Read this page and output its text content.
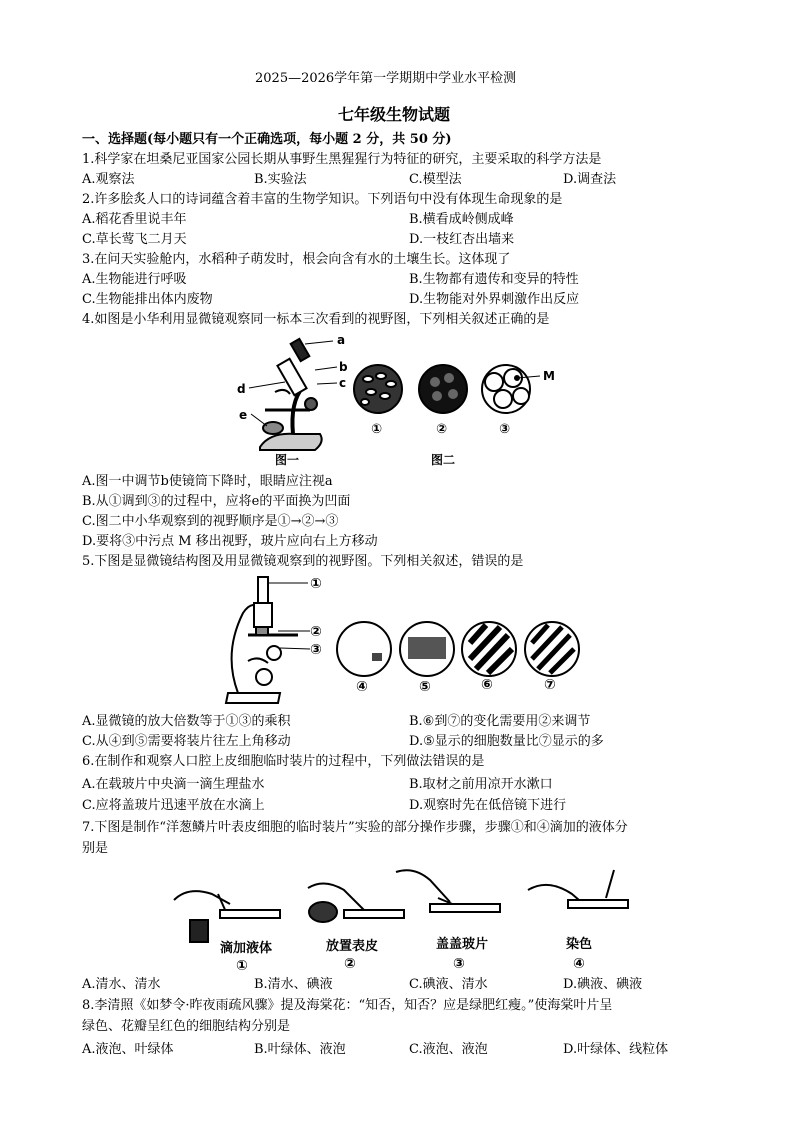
2025—2026学年第一学期期中学业水平检测
七年级生物试题
一、选择题(每小题只有一个正确选项，每小题 2 分，共 50 分)
1.科学家在坦桑尼亚国家公园长期从事野生黑猩猩行为特征的研究，主要采取的科学方法是
A.观察法	B.实验法	C.模型法	D.调查法
2.许多脍炙人口的诗词蕴含着丰富的生物学知识。下列语句中没有体现生命现象的是
A.稻花香里说丰年	B.横看成岭侧成峰
C.草长莺飞二月天	D.一枝红杏出墙来
3.在问天实验舱内，水稻种子萌发时，根会向含有水的土壤生长。这体现了
A.生物能进行呼吸	B.生物都有遗传和变异的特性
C.生物能排出体内废物	D.生物能对外界刺激作出反应
4.如图是小华利用显微镜观察同一标本三次看到的视野图，下列相关叙述正确的是
a
b
c
d
e
M
①	②	③
图一	图二
A.图一中调节b使镜筒下降时，眼睛应注视a
B.从①调到③的过程中，应将e的平面换为凹面
C.图二中小华观察到的视野顺序是①→②→③
D.要将③中污点 M 移出视野，玻片应向右上方移动
5.下图是显微镜结构图及用显微镜观察到的视野图。下列相关叙述，错误的是
①
②
③
④	⑤	⑥	⑦
A.显微镜的放大倍数等于①③的乘积	B.⑥到⑦的变化需要用②来调节
C.从④到⑤需要将装片往左上角移动	D.⑤显示的细胞数量比⑦显示的多
6.在制作和观察人口腔上皮细胞临时装片的过程中，下列做法错误的是
A.在载玻片中央滴一滴生理盐水	B.取材之前用凉开水漱口
C.应将盖玻片迅速平放在水滴上	D.观察时先在低倍镜下进行
7.下图是制作“洋葱鳞片叶表皮细胞的临时装片”实验的部分操作步骤，步骤①和④滴加的液体分
别是
滴加液体
①
放置表皮
②
盖盖玻片
③
染色
④
A.清水、清水	B.清水、碘液	C.碘液、清水	D.碘液、碘液
8.李清照《如梦令·昨夜雨疏风骤》提及海棠花：“知否，知否？应是绿肥红瘦。”使海棠叶片呈
绿色、花瓣呈红色的细胞结构分别是
A.液泡、叶绿体	B.叶绿体、液泡	C.液泡、液泡	D.叶绿体、线粒体
